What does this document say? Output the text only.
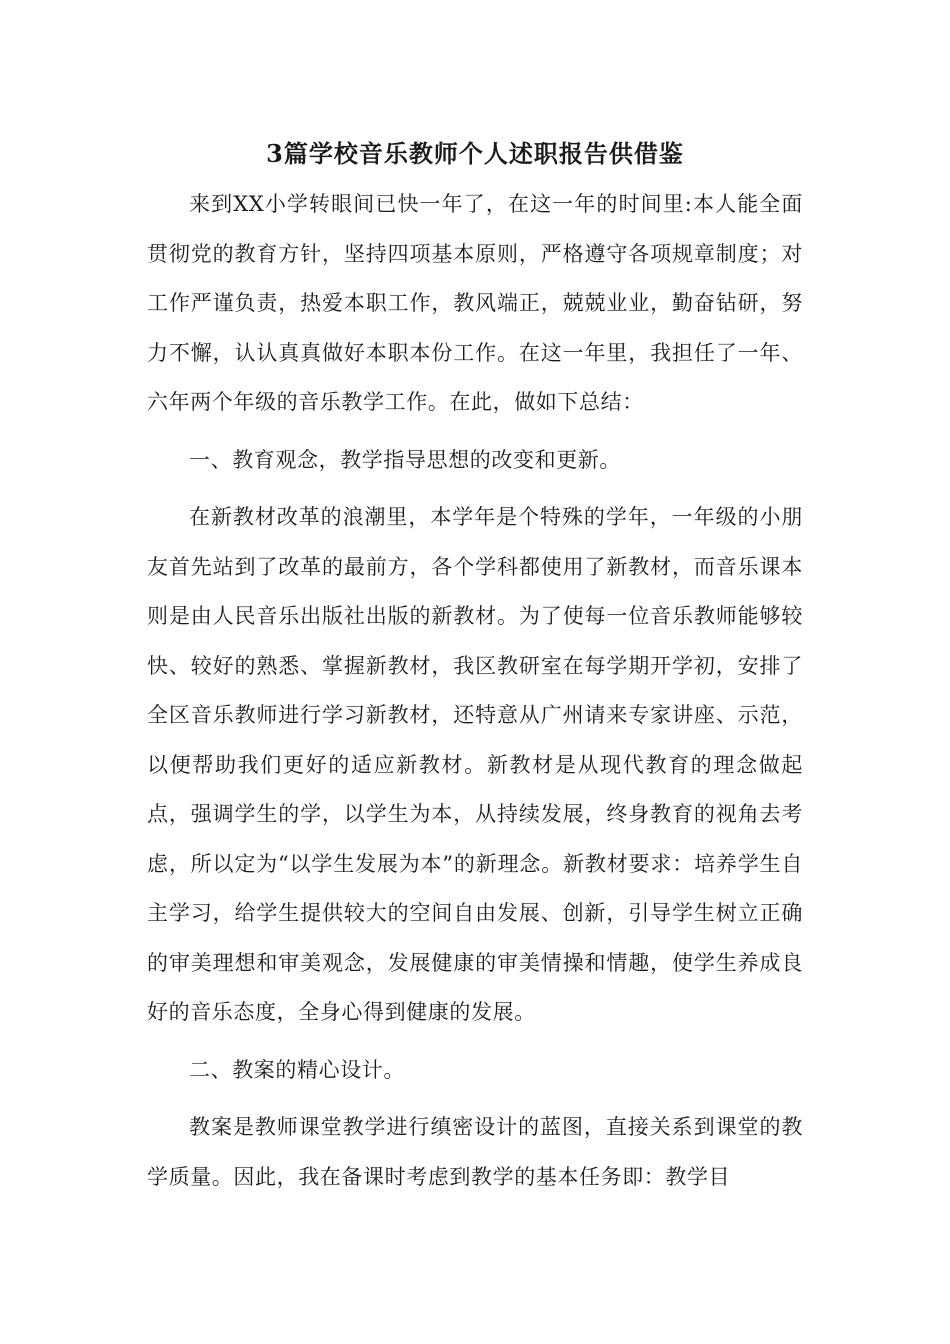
3篇学校音乐教师个人述职报告供借鉴

来到XX小学转眼间已快一年了，在这一年的时间里:本人能全面贯彻党的教育方针，坚持四项基本原则，严格遵守各项规章制度；对工作严谨负责，热爱本职工作，教风端正，兢兢业业，勤奋钻研，努力不懈，认认真真做好本职本份工作。在这一年里，我担任了一年、六年两个年级的音乐教学工作。在此，做如下总结：

一、教育观念，教学指导思想的改变和更新。

在新教材改革的浪潮里，本学年是个特殊的学年，一年级的小朋友首先站到了改革的最前方，各个学科都使用了新教材，而音乐课本则是由人民音乐出版社出版的新教材。为了使每一位音乐教师能够较快、较好的熟悉、掌握新教材，我区教研室在每学期开学初，安排了全区音乐教师进行学习新教材，还特意从广州请来专家讲座、示范，以便帮助我们更好的适应新教材。新教材是从现代教育的理念做起点，强调学生的学，以学生为本，从持续发展，终身教育的视角去考虑，所以定为“以学生发展为本”的新理念。新教材要求：培养学生自主学习，给学生提供较大的空间自由发展、创新，引导学生树立正确的审美理想和审美观念，发展健康的审美情操和情趣，使学生养成良好的音乐态度，全身心得到健康的发展。

二、教案的精心设计。

教案是教师课堂教学进行缜密设计的蓝图，直接关系到课堂的教学质量。因此，我在备课时考虑到教学的基本任务即：教学目
